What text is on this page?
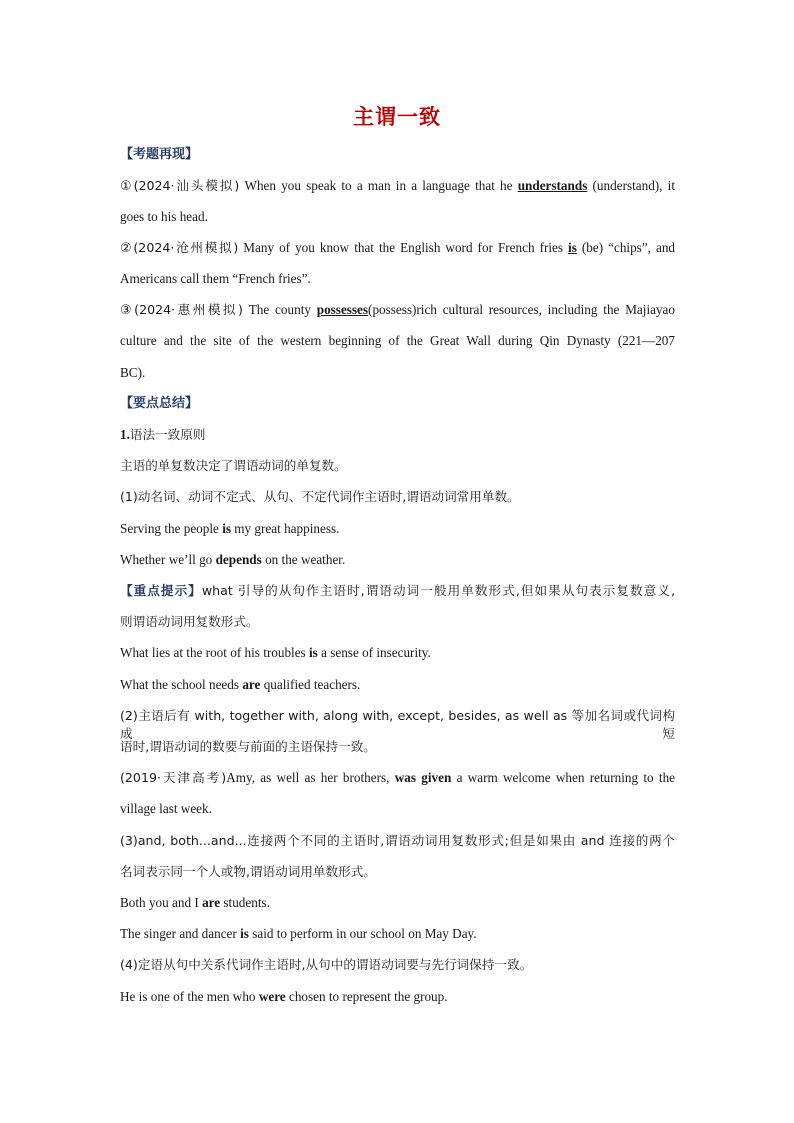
主谓一致
【考题再现】
①(2024·汕头模拟) When you speak to a man in a language that he understands (understand), it
goes to his head.
②(2024·沧州模拟) Many of you know that the English word for French fries is (be) “chips”, and
Americans call them “French fries”.
③(2024·惠州模拟) The county possesses(possess)rich cultural resources, including the Majiayao
culture and the site of the western beginning of the Great Wall during Qin Dynasty (221—207
BC).
【要点总结】
1.语法一致原则
主语的单复数决定了谓语动词的单复数。
(1)动名词、动词不定式、从句、不定代词作主语时,谓语动词常用单数。
Serving the people is my great happiness.
Whether we’ll go depends on the weather.
【重点提示】what 引导的从句作主语时,谓语动词一般用单数形式,但如果从句表示复数意义,
则谓语动词用复数形式。
What lies at the root of his troubles is a sense of insecurity.
What the school needs are qualified teachers.
(2)主语后有 with, together with, along with, except, besides, as well as 等加名词或代词构成短
语时,谓语动词的数要与前面的主语保持一致。
(2019·天津高考)Amy, as well as her brothers, was given a warm welcome when returning to the
village last week.
(3)and, both...and...连接两个不同的主语时,谓语动词用复数形式;但是如果由 and 连接的两个
名词表示同一个人或物,谓语动词用单数形式。
Both you and I are students.
The singer and dancer is said to perform in our school on May Day.
(4)定语从句中关系代词作主语时,从句中的谓语动词要与先行词保持一致。
He is one of the men who were chosen to represent the group.
